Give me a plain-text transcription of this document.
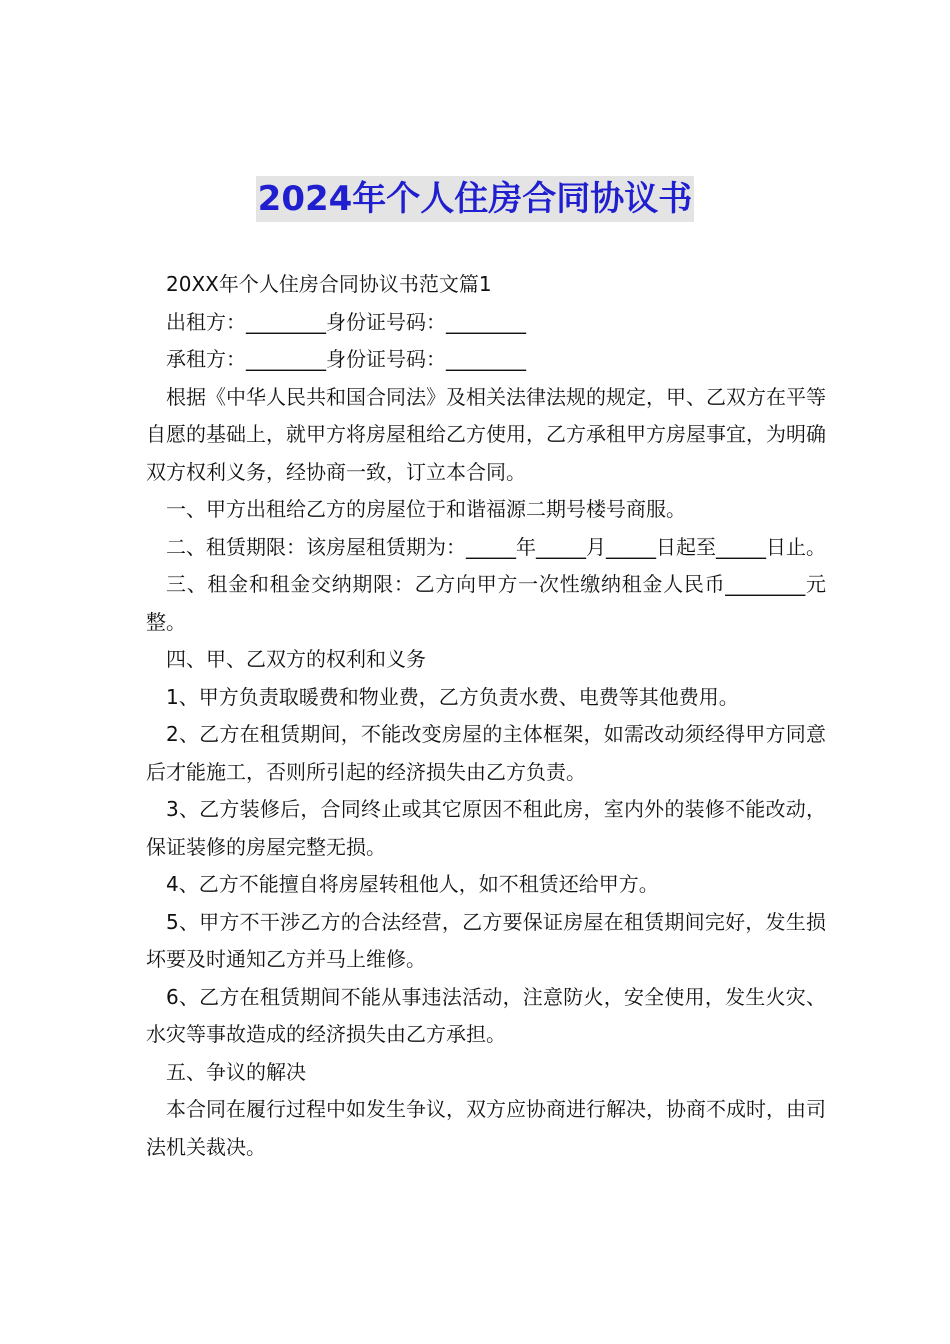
2024年个人住房合同协议书

20XX年个人住房合同协议书范文篇1

出租方：________身份证号码：________

承租方：________身份证号码：________

根据《中华人民共和国合同法》及相关法律法规的规定，甲、乙双方在平等自愿的基础上，就甲方将房屋租给乙方使用，乙方承租甲方房屋事宜，为明确双方权利义务，经协商一致，订立本合同。

一、甲方出租给乙方的房屋位于和谐福源二期号楼号商服。

二、租赁期限：该房屋租赁期为：_____年_____月_____日起至_____日止。

三、租金和租金交纳期限：乙方向甲方一次性缴纳租金人民币________元整。

四、甲、乙双方的权利和义务

1、甲方负责取暖费和物业费，乙方负责水费、电费等其他费用。

2、乙方在租赁期间，不能改变房屋的主体框架，如需改动须经得甲方同意后才能施工，否则所引起的经济损失由乙方负责。

3、乙方装修后，合同终止或其它原因不租此房，室内外的装修不能改动，保证装修的房屋完整无损。

4、乙方不能擅自将房屋转租他人，如不租赁还给甲方。

5、甲方不干涉乙方的合法经营，乙方要保证房屋在租赁期间完好，发生损坏要及时通知乙方并马上维修。

6、乙方在租赁期间不能从事违法活动，注意防火，安全使用，发生火灾、水灾等事故造成的经济损失由乙方承担。

五、争议的解决

本合同在履行过程中如发生争议，双方应协商进行解决，协商不成时，由司法机关裁决。
